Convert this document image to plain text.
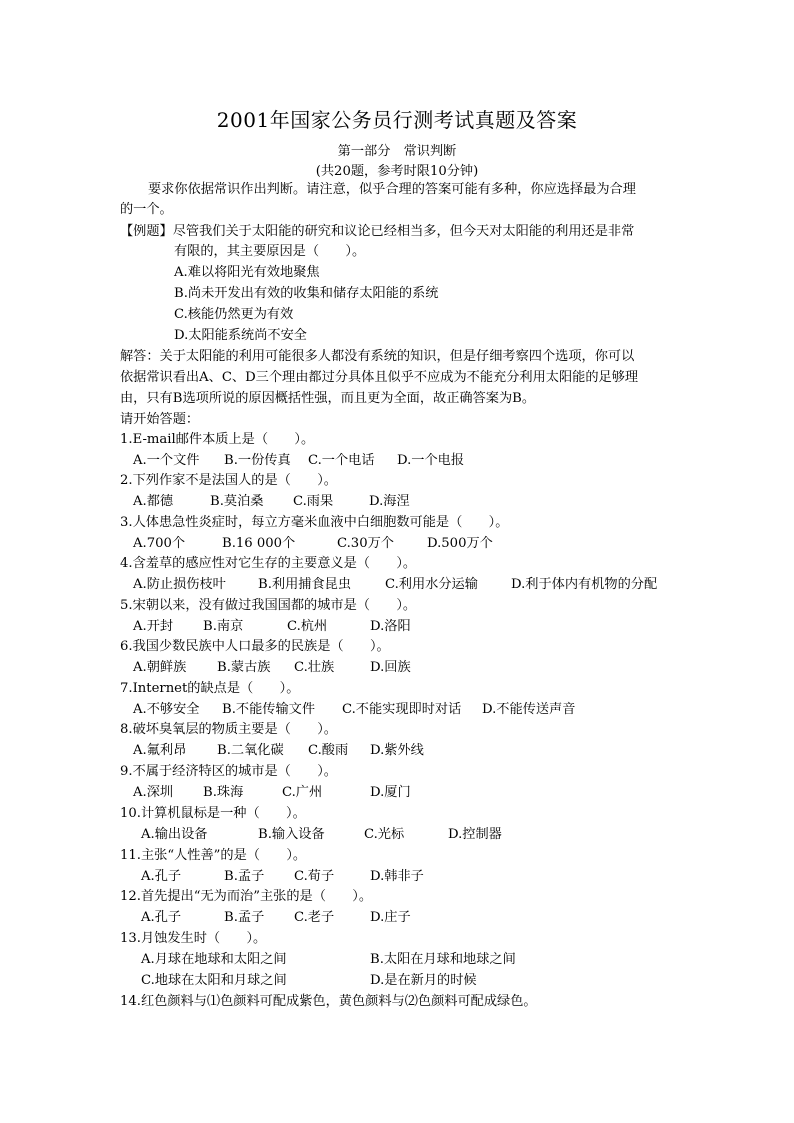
2001年国家公务员行测考试真题及答案
第一部分　常识判断
(共20题，参考时限10分钟)
要求你依据常识作出判断。请注意，似乎合理的答案可能有多种，你应选择最为合理
的一个。
【例题】尽管我们关于太阳能的研究和议论已经相当多，但今天对太阳能的利用还是非常
有限的，其主要原因是（　　）。
A.难以将阳光有效地聚焦
B.尚未开发出有效的收集和储存太阳能的系统
C.核能仍然更为有效
D.太阳能系统尚不安全
解答：关于太阳能的利用可能很多人都没有系统的知识，但是仔细考察四个选项，你可以
依据常识看出A、C、D三个理由都过分具体且似乎不应成为不能充分利用太阳能的足够理
由，只有B选项所说的原因概括性强，而且更为全面，故正确答案为B。
请开始答题：
1.E-mail邮件本质上是（　　）。
A.一个文件 B.一份传真 C.一个电话 D.一个电报
2.下列作家不是法国人的是（　　）。
A.都德	B.莫泊桑 C.雨果	D.海涅
3.人体患急性炎症时，每立方毫米血液中白细胞数可能是（　　）。
A.700个	B.16 000个	C.30万个	D.500万个
4.含羞草的感应性对它生存的主要意义是（　　）。
A.防止损伤枝叶 B.利用捕食昆虫	C.利用水分运输	D.利于体内有机物的分配
5.宋朝以来，没有做过我国国都的城市是（　　）。
A.开封 B.南京	C.杭州	D.洛阳
6.我国少数民族中人口最多的民族是（　　）。
A.朝鲜族 B.蒙古族 C.壮族	D.回族
7.Internet的缺点是（　　）。
A.不够安全 B.不能传输文件 C.不能实现即时对话 D.不能传送声音
8.破坏臭氧层的物质主要是（　　）。
A.氟利昂 B.二氧化碳 C.酸雨 D.紫外线
9.不属于经济特区的城市是（　　）。
A.深圳 B.珠海	C.广州	D.厦门
10.计算机鼠标是一种（　　）。
A.输出设备	B.输入设备	C.光标	D.控制器
11.主张“人性善”的是（　　）。
A.孔子	B.孟子 C.荀子	D.韩非子
12.首先提出“无为而治”主张的是（　　）。
A.孔子	B.孟子 C.老子	D.庄子
13.月蚀发生时（　　）。
A.月球在地球和太阳之间	B.太阳在月球和地球之间
C.地球在太阳和月球之间	D.是在新月的时候
14.红色颜料与⑴色颜料可配成紫色，黄色颜料与⑵色颜料可配成绿色。
